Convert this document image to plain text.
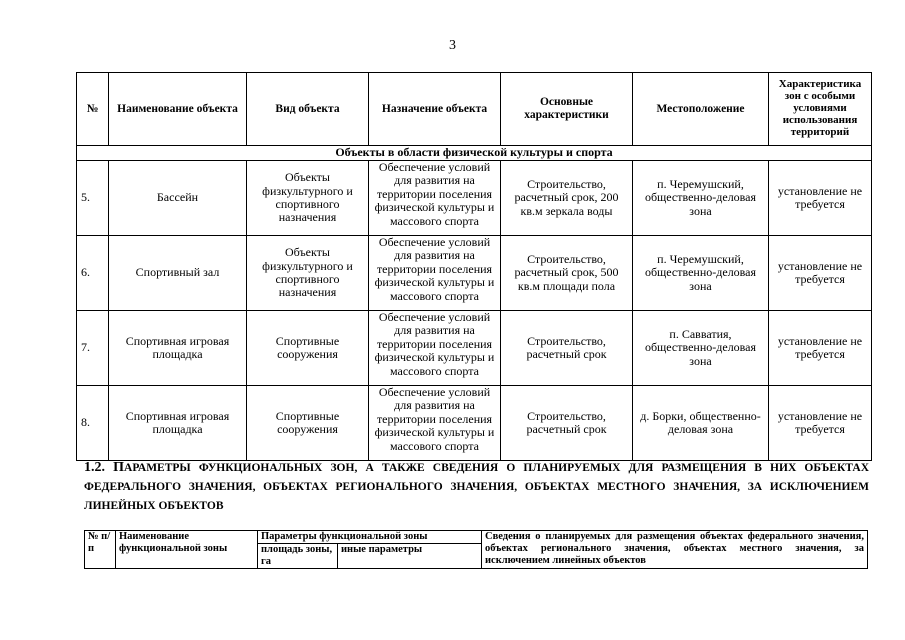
3
№	Наименование объекта	Вид объекта	Назначение объекта	Основные характеристики	Местоположение	Характеристика зон с особыми условиями использования территорий
Объекты в области физической культуры и спорта						
5.	Бассейн	Объекты физкультурного и спортивного назначения	Обеспечение условий для развития на территории поселения физической культуры и массового спорта	Строительство, расчетный срок, 200 кв.м зеркала воды	п. Черемушский, общественно-деловая зона	установление не требуется
6.	Спортивный зал	Объекты физкультурного и спортивного назначения	Обеспечение условий для развития на территории поселения физической культуры и массового спорта	Строительство, расчетный срок, 500 кв.м площади пола	п. Черемушский, общественно-деловая зона	установление не требуется
7.	Спортивная игровая площадка	Спортивные сооружения	Обеспечение условий для развития на территории поселения физической культуры и массового спорта	Строительство, расчетный срок	п. Савватия, общественно-деловая зона	установление не требуется
8.	Спортивная игровая площадка	Спортивные сооружения	Обеспечение условий для развития на территории поселения физической культуры и массового спорта	Строительство, расчетный срок	д. Борки, общественно-деловая зона	установление не требуется
1.2. ПАРАМЕТРЫ ФУНКЦИОНАЛЬНЫХ ЗОН, А ТАКЖЕ СВЕДЕНИЯ О ПЛАНИРУЕМЫХ ДЛЯ РАЗМЕЩЕНИЯ В НИХ ОБЪЕКТАХ ФЕДЕРАЛЬНОГО ЗНАЧЕНИЯ, ОБЪЕКТАХ РЕГИОНАЛЬНОГО ЗНАЧЕНИЯ, ОБЪЕКТАХ МЕСТНОГО ЗНАЧЕНИЯ, ЗА ИСКЛЮЧЕНИЕМ ЛИНЕЙНЫХ ОБЪЕКТОВ
№ п/п	Наименование функциональной зоны	Параметры функциональной зоны		Сведения о планируемых для размещения объектах федерального значения, объектах регионального значения, объектах местного значения, за исключением линейных объектов
		площадь зоны, га	иные параметры	
